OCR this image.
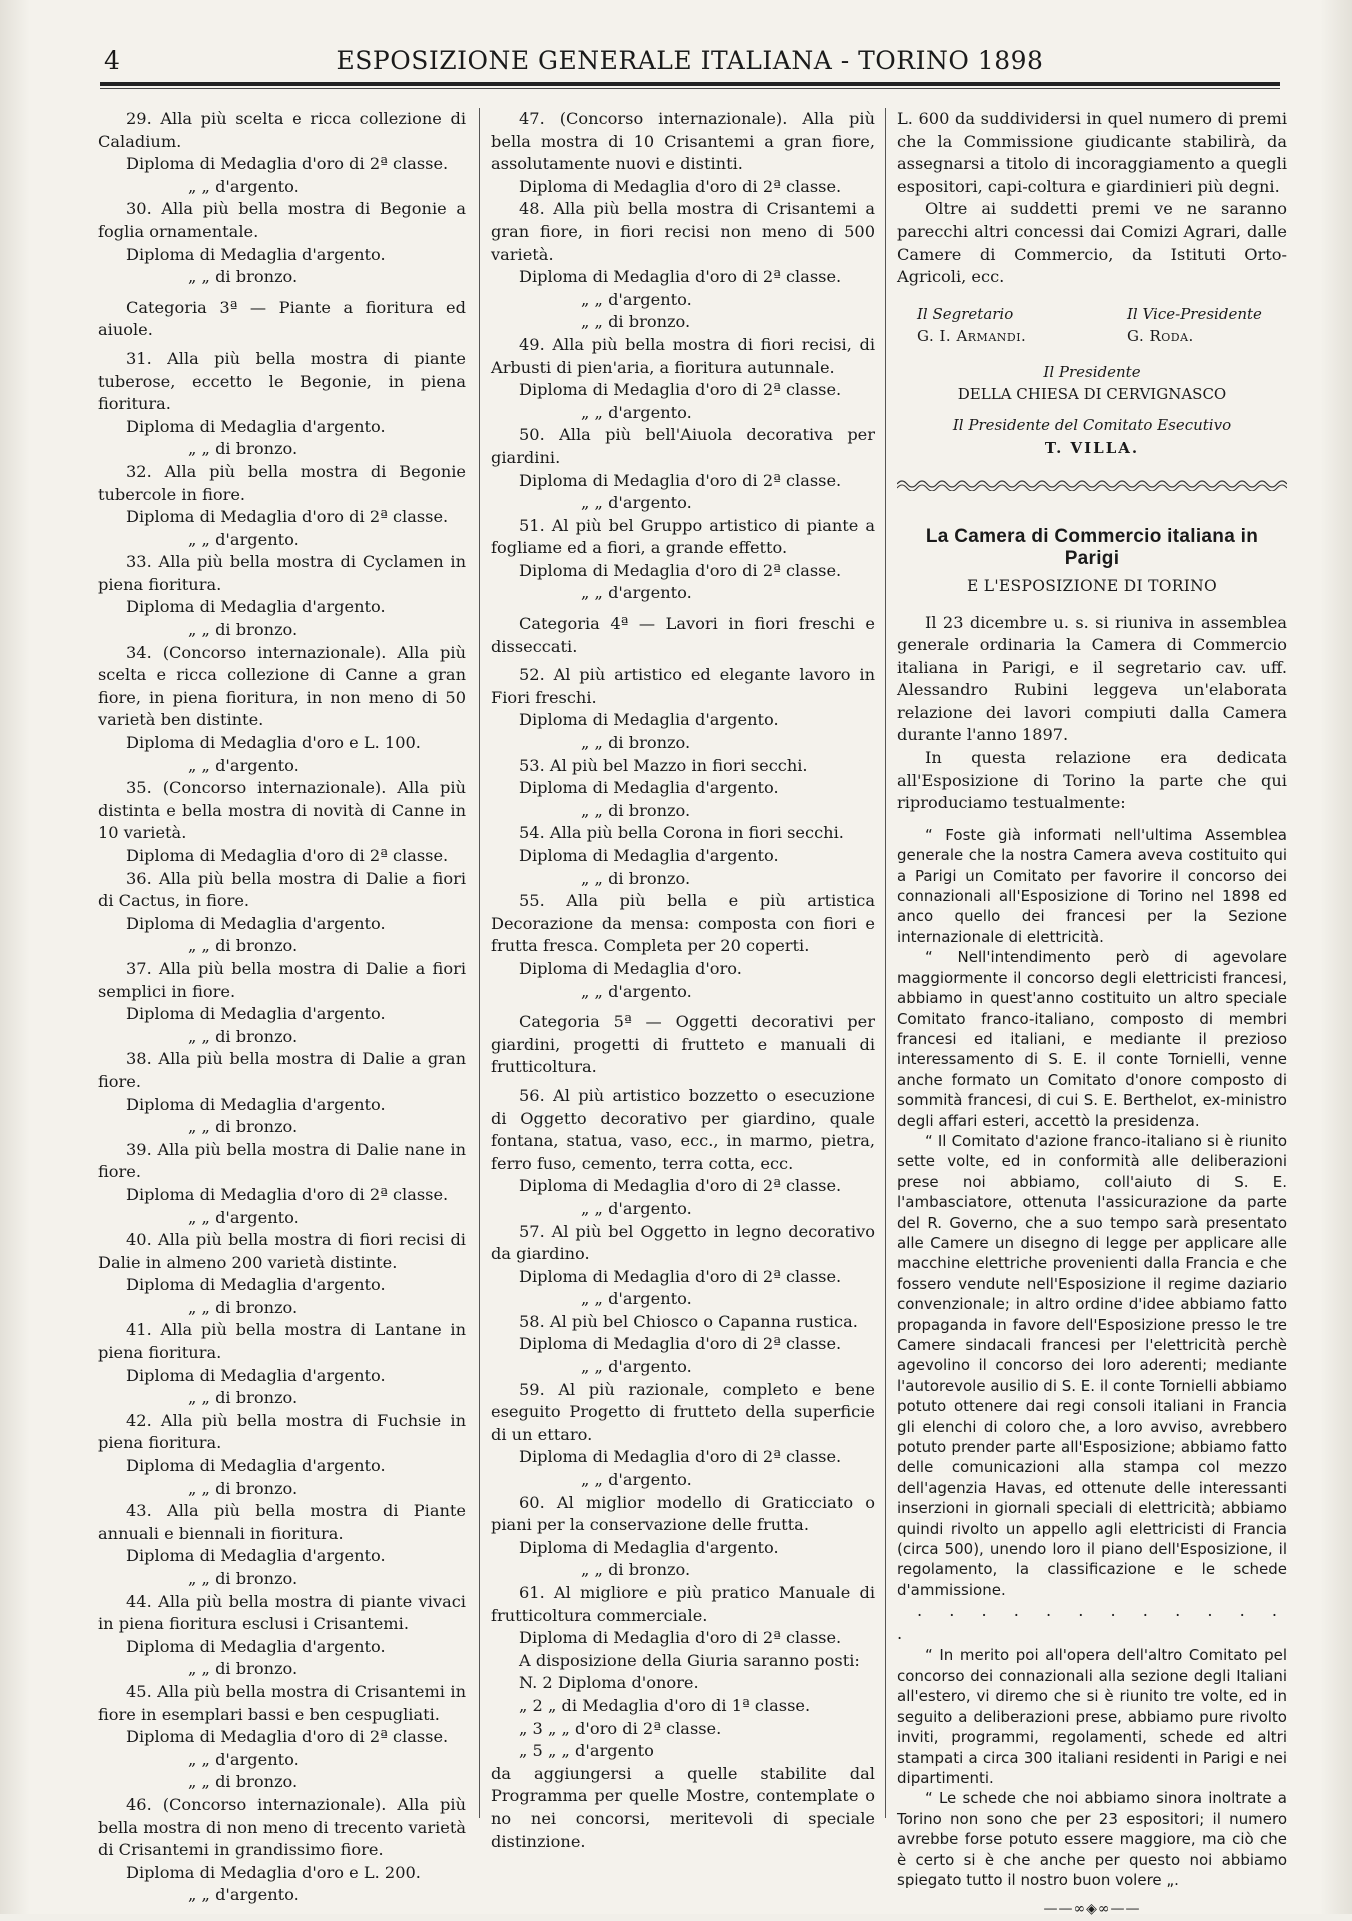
4	ESPOSIZIONE GENERALE ITALIANA - TORINO 1898

29. Alla più scelta e ricca collezione di Caladium.

Diploma di Medaglia d'oro di 2ª classe.

„ „ d'argento.

30. Alla più bella mostra di Begonie a foglia ornamentale.

Diploma di Medaglia d'argento.

„ „ di bronzo.

Categoria 3ª — Piante a fioritura ed aiuole.

31. Alla più bella mostra di piante tuberose, eccetto le Begonie, in piena fioritura.

Diploma di Medaglia d'argento.

„ „ di bronzo.

32. Alla più bella mostra di Begonie tubercole in fiore.

Diploma di Medaglia d'oro di 2ª classe.

„ „ d'argento.

33. Alla più bella mostra di Cyclamen in piena fioritura.

Diploma di Medaglia d'argento.

„ „ di bronzo.

34. (Concorso internazionale). Alla più scelta e ricca collezione di Canne a gran fiore, in piena fioritura, in non meno di 50 varietà ben distinte.

Diploma di Medaglia d'oro e L. 100.

„ „ d'argento.

35. (Concorso internazionale). Alla più distinta e bella mostra di novità di Canne in 10 varietà.

Diploma di Medaglia d'oro di 2ª classe.

36. Alla più bella mostra di Dalie a fiori di Cactus, in fiore.

Diploma di Medaglia d'argento.

„ „ di bronzo.

37. Alla più bella mostra di Dalie a fiori semplici in fiore.

Diploma di Medaglia d'argento.

„ „ di bronzo.

38. Alla più bella mostra di Dalie a gran fiore.

Diploma di Medaglia d'argento.

„ „ di bronzo.

39. Alla più bella mostra di Dalie nane in fiore.

Diploma di Medaglia d'oro di 2ª classe.

„ „ d'argento.

40. Alla più bella mostra di fiori recisi di Dalie in almeno 200 varietà distinte.

Diploma di Medaglia d'argento.

„ „ di bronzo.

41. Alla più bella mostra di Lantane in piena fioritura.

Diploma di Medaglia d'argento.

„ „ di bronzo.

42. Alla più bella mostra di Fuchsie in piena fioritura.

Diploma di Medaglia d'argento.

„ „ di bronzo.

43. Alla più bella mostra di Piante annuali e biennali in fioritura.

Diploma di Medaglia d'argento.

„ „ di bronzo.

44. Alla più bella mostra di piante vivaci in piena fioritura esclusi i Crisantemi.

Diploma di Medaglia d'argento.

„ „ di bronzo.

45. Alla più bella mostra di Crisantemi in fiore in esemplari bassi e ben cespugliati.

Diploma di Medaglia d'oro di 2ª classe.

„ „ d'argento.

„ „ di bronzo.

46. (Concorso internazionale). Alla più bella mostra di non meno di trecento varietà di Crisantemi in grandissimo fiore.

Diploma di Medaglia d'oro e L. 200.

„ „ d'argento.

47. (Concorso internazionale). Alla più bella mostra di 10 Crisantemi a gran fiore, assolutamente nuovi e distinti.

Diploma di Medaglia d'oro di 2ª classe.

48. Alla più bella mostra di Crisantemi a gran fiore, in fiori recisi non meno di 500 varietà.

Diploma di Medaglia d'oro di 2ª classe.

„ „ d'argento.

„ „ di bronzo.

49. Alla più bella mostra di fiori recisi, di Arbusti di pien'aria, a fioritura autunnale.

Diploma di Medaglia d'oro di 2ª classe.

„ „ d'argento.

50. Alla più bell'Aiuola decorativa per giardini.

Diploma di Medaglia d'oro di 2ª classe.

„ „ d'argento.

51. Al più bel Gruppo artistico di piante a fogliame ed a fiori, a grande effetto.

Diploma di Medaglia d'oro di 2ª classe.

„ „ d'argento.

Categoria 4ª — Lavori in fiori freschi e disseccati.

52. Al più artistico ed elegante lavoro in Fiori freschi.

Diploma di Medaglia d'argento.

„ „ di bronzo.

53. Al più bel Mazzo in fiori secchi.

Diploma di Medaglia d'argento.

„ „ di bronzo.

54. Alla più bella Corona in fiori secchi.

Diploma di Medaglia d'argento.

„ „ di bronzo.

55. Alla più bella e più artistica Decorazione da mensa: composta con fiori e frutta fresca. Completa per 20 coperti.

Diploma di Medaglia d'oro.

„ „ d'argento.

Categoria 5ª — Oggetti decorativi per giardini, progetti di frutteto e manuali di frutticoltura.

56. Al più artistico bozzetto o esecuzione di Oggetto decorativo per giardino, quale fontana, statua, vaso, ecc., in marmo, pietra, ferro fuso, cemento, terra cotta, ecc.

Diploma di Medaglia d'oro di 2ª classe.

„ „ d'argento.

57. Al più bel Oggetto in legno decorativo da giardino.

Diploma di Medaglia d'oro di 2ª classe.

„ „ d'argento.

58. Al più bel Chiosco o Capanna rustica.

Diploma di Medaglia d'oro di 2ª classe.

„ „ d'argento.

59. Al più razionale, completo e bene eseguito Progetto di frutteto della superficie di un ettaro.

Diploma di Medaglia d'oro di 2ª classe.

„ „ d'argento.

60. Al miglior modello di Graticciato o piani per la conservazione delle frutta.

Diploma di Medaglia d'argento.

„ „ di bronzo.

61. Al migliore e più pratico Manuale di frutticoltura commerciale.

Diploma di Medaglia d'oro di 2ª classe.

A disposizione della Giuria saranno posti:

N. 2 Diploma d'onore.

„ 2 „ di Medaglia d'oro di 1ª classe.

„ 3 „ „ d'oro di 2ª classe.

„ 5 „ „ d'argento

da aggiungersi a quelle stabilite dal Programma per quelle Mostre, contemplate o no nei concorsi, meritevoli di speciale distinzione.

L. 600 da suddividersi in quel numero di premi che la Commissione giudicante stabilirà, da assegnarsi a titolo di incoraggiamento a quegli espositori, capi-coltura e giardinieri più degni.

Oltre ai suddetti premi ve ne saranno parecchi altri concessi dai Comizi Agrari, dalle Camere di Commercio, da Istituti Orto-Agricoli, ecc.

Il Segretario	Il Vice-Presidente
G. I. Armandi.	G. Roda.

Il Presidente

DELLA CHIESA DI CERVIGNASCO

Il Presidente del Comitato Esecutivo

T. VILLA.

La Camera di Commercio italiana in Parigi
E L'ESPOSIZIONE DI TORINO

Il 23 dicembre u. s. si riuniva in assemblea generale ordinaria la Camera di Commercio italiana in Parigi, e il segretario cav. uff. Alessandro Rubini leggeva un'elaborata relazione dei lavori compiuti dalla Camera durante l'anno 1897.

In questa relazione era dedicata all'Esposizione di Torino la parte che qui riproduciamo testualmente:

“ Foste già informati nell'ultima Assemblea generale che la nostra Camera aveva costituito qui a Parigi un Comitato per favorire il concorso dei connazionali all'Esposizione di Torino nel 1898 ed anco quello dei francesi per la Sezione internazionale di elettricità.

“ Nell'intendimento però di agevolare maggiormente il concorso degli elettricisti francesi, abbiamo in quest'anno costituito un altro speciale Comitato franco-italiano, composto di membri francesi ed italiani, e mediante il prezioso interessamento di S. E. il conte Tornielli, venne anche formato un Comitato d'onore composto di sommità francesi, di cui S. E. Berthelot, ex-ministro degli affari esteri, accettò la presidenza.

“ Il Comitato d'azione franco-italiano si è riunito sette volte, ed in conformità alle deliberazioni prese noi abbiamo, coll'aiuto di S. E. l'ambasciatore, ottenuta l'assicurazione da parte del R. Governo, che a suo tempo sarà presentato alle Camere un disegno di legge per applicare alle macchine elettriche provenienti dalla Francia e che fossero vendute nell'Esposizione il regime daziario convenzionale; in altro ordine d'idee abbiamo fatto propaganda in favore dell'Esposizione presso le tre Camere sindacali francesi per l'elettricità perchè agevolino il concorso dei loro aderenti; mediante l'autorevole ausilio di S. E. il conte Tornielli abbiamo potuto ottenere dai regi consoli italiani in Francia gli elenchi di coloro che, a loro avviso, avrebbero potuto prender parte all'Esposizione; abbiamo fatto delle comunicazioni alla stampa col mezzo dell'agenzia Havas, ed ottenute delle interessanti inserzioni in giornali speciali di elettricità; abbiamo quindi rivolto un appello agli elettricisti di Francia (circa 500), unendo loro il piano dell'Esposizione, il regolamento, la classificazione e le schede d'ammissione.

. . . . . . . . . . . . .

“ In merito poi all'opera dell'altro Comitato pel concorso dei connazionali alla sezione degli Italiani all'estero, vi diremo che si è riunito tre volte, ed in seguito a deliberazioni prese, abbiamo pure rivolto inviti, programmi, regolamenti, schede ed altri stampati a circa 300 italiani residenti in Parigi e nei dipartimenti.

“ Le schede che noi abbiamo sinora inoltrate a Torino non sono che per 23 espositori; il numero avrebbe forse potuto essere maggiore, ma ciò che è certo si è che anche per questo noi abbiamo spiegato tutto il nostro buon volere „.

——∞◈∞——
